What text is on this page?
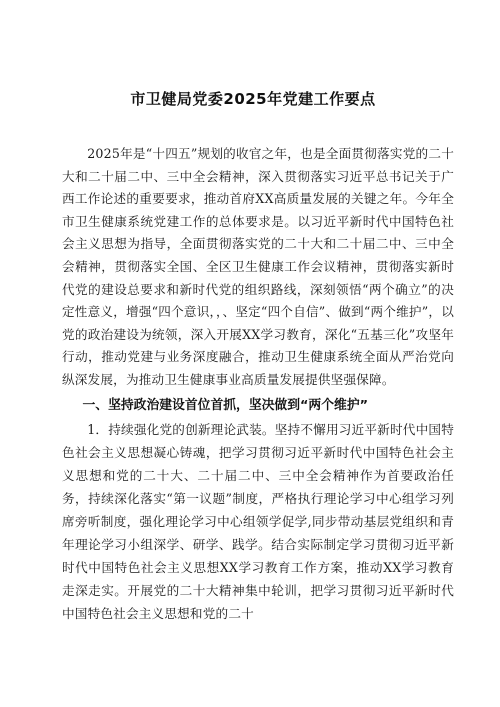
市卫健局党委2025年党建工作要点

2025年是“十四五”规划的收官之年，也是全面贯彻落实党的二十大和二十届二中、三中全会精神，深入贯彻落实习近平总书记关于广西工作论述的重要要求，推动首府XX高质量发展的关键之年。今年全市卫生健康系统党建工作的总体要求是。以习近平新时代中国特色社会主义思想为指导，全面贯彻落实党的二十大和二十届二中、三中全会精神，贯彻落实全国、全区卫生健康工作会议精神，贯彻落实新时代党的建设总要求和新时代党的组织路线，深刻领悟“两个确立”的决定性意义，增强“四个意识，，、坚定“四个自信”、做到“两个维护”，以党的政治建设为统领，深入开展XX学习教育，深化“五基三化”攻坚年行动，推动党建与业务深度融合，推动卫生健康系统全面从严治党向纵深发展，为推动卫生健康事业高质量发展提供坚强保障。

一、坚持政治建设首位首抓，坚决做到“两个维护”

1．持续强化党的创新理论武装。坚持不懈用习近平新时代中国特色社会主义思想凝心铸魂，把学习贯彻习近平新时代中国特色社会主义思想和党的二十大、二十届二中、三中全会精神作为首要政治任务，持续深化落实“第一议题”制度，严格执行理论学习中心组学习列席旁听制度，强化理论学习中心组领学促学,同步带动基层党组织和青年理论学习小组深学、研学、践学。结合实际制定学习贯彻习近平新时代中国特色社会主义思想XX学习教育工作方案，推动XX学习教育走深走实。开展党的二十大精神集中轮训，把学习贯彻习近平新时代中国特色社会主义思想和党的二十
